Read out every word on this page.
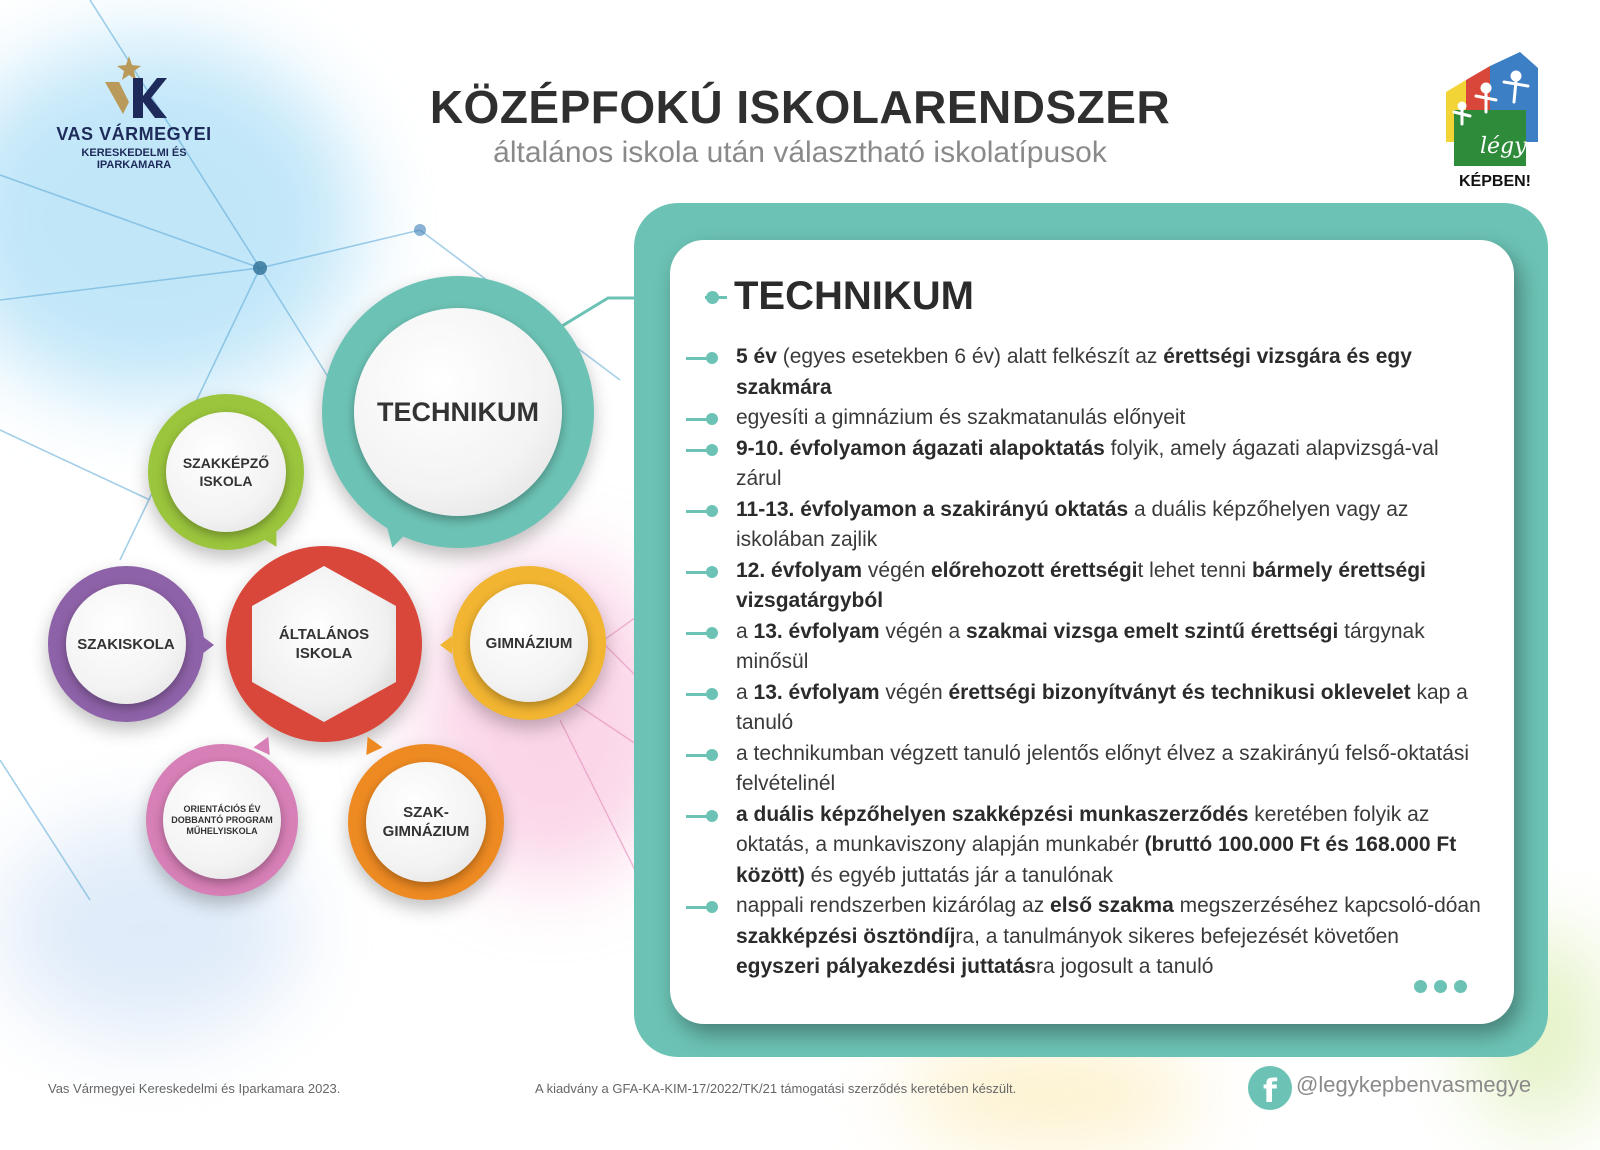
VAS VÁRMEGYEI
KERESKEDELMI ÉS IPARKAMARA
KÖZÉPFOKÚ ISKOLARENDSZER
általános iskola után választható iskolatípusok	légy
KÉPBEN!
TECHNIKUM
SZAKKÉPZŐ
ISKOLA
SZAKISKOLA
ÁLTALÁNOS
ISKOLA
GIMNÁZIUM
ORIENTÁCIÓS ÉV
DOBBANTÓ PROGRAM
MŰHELYISKOLA
SZAK-
GIMNÁZIUM
TECHNIKUM
5 év (egyes esetekben 6 év) alatt felkészít az érettségi vizsgára és egy szakmára
egyesíti a gimnázium és szakmatanulás előnyeit
9-10. évfolyamon ágazati alapoktatás folyik, amely ágazati alapvizsgá-val zárul
11-13. évfolyamon a szakirányú oktatás a duális képzőhelyen vagy az iskolában zajlik
12. évfolyam végén előrehozott érettségit lehet tenni bármely érettségi vizsgatárgyból
a 13. évfolyam végén a szakmai vizsga emelt szintű érettségi tárgynak minősül
a 13. évfolyam végén érettségi bizonyítványt és technikusi oklevelet kap a tanuló
a technikumban végzett tanuló jelentős előnyt élvez a szakirányú felső-oktatási felvételinél
a duális képzőhelyen szakképzési munkaszerződés keretében folyik az oktatás, a munkaviszony alapján munkabér (bruttó 100.000 Ft és 168.000 Ft között) és egyéb juttatás jár a tanulónak
nappali rendszerben kizárólag az első szakma megszerzéséhez kapcsoló-dóan szakképzési ösztöndíjra, a tanulmányok sikeres befejezését követően egyszeri pályakezdési juttatásra jogosult a tanuló
Vas Vármegyei Kereskedelmi és Iparkamara 2023.	A kiadvány a GFA-KA-KIM-17/2022/TK/21 támogatási szerződés keretében készült.	f @legykepbenvasmegye
